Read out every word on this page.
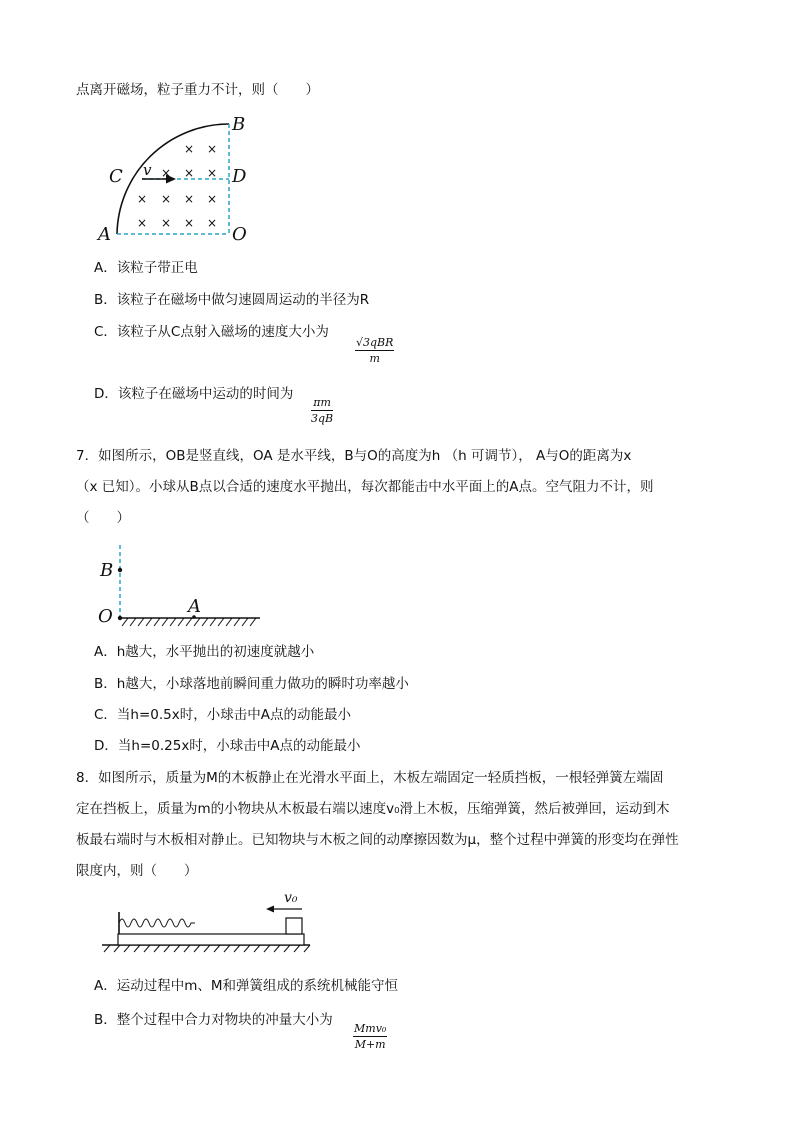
点离开磁场，粒子重力不计，则（　　）
× ×
× × ×
× × × ×
× × × ×
B
C v	D
A	O
A．该粒子带正电
B．该粒子在磁场中做匀速圆周运动的半径为R
C．该粒子从C点射入磁场的速度大小为
√3qBR
m
D．该粒子在磁场中运动的时间为
$\frac{\pi m}{3qB}$
7．如图所示，OB是竖直线，OA 是水平线，B与O的高度为h （h 可调节）， A与O的距离为x
（x 已知）。小球从B点以合适的速度水平抛出，每次都能击中水平面上的A点。空气阻力不计，则
（　　）
B
O	A
A．h越大，水平抛出的初速度就越小
B．h越大，小球落地前瞬间重力做功的瞬时功率越小
C．当h=0.5x时，小球击中A点的动能最小
D．当h=0.25x时，小球击中A点的动能最小
8．如图所示，质量为M的木板静止在光滑水平面上，木板左端固定一轻质挡板，一根轻弹簧左端固
定在挡板上，质量为m的小物块从木板最右端以速度v₀滑上木板，压缩弹簧，然后被弹回，运动到木
板最右端时与木板相对静止。已知物块与木板之间的动摩擦因数为μ，整个过程中弹簧的形变均在弹性
限度内，则（　　）
v₀
A．运动过程中m、M和弹簧组成的系统机械能守恒
B．整个过程中合力对物块的冲量大小为
Mmv₀
M+m
